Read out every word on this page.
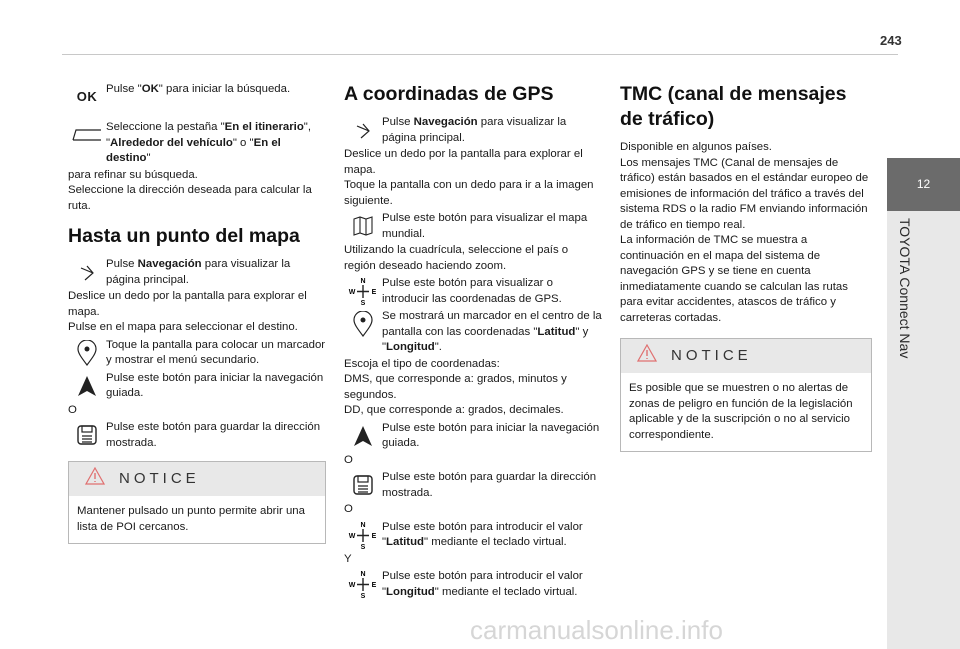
243
12
TOYOTA Connect Nav
OK
Pulse "OK" para iniciar la búsqueda.
Seleccione la pestaña "En el itinerario", "Alrededor del vehículo" o "En el destino"

para refinar su búsqueda.

Seleccione la dirección deseada para calcular la ruta.

Hasta un punto del mapa
Pulse Navegación para visualizar la página principal.

Deslice un dedo por la pantalla para explorar el mapa.

Pulse en el mapa para seleccionar el destino.

Toque la pantalla para colocar un marcador y mostrar el menú secundario.
Pulse este botón para iniciar la navegación guiada.

O

Pulse este botón para guardar la dirección mostrada.
NOTICE
Mantener pulsado un punto permite abrir una lista de POI cercanos.
A coordinadas de GPS
Pulse Navegación para visualizar la página principal.

Deslice un dedo por la pantalla para explorar el mapa.

Toque la pantalla con un dedo para ir a la imagen siguiente.

Pulse este botón para visualizar el mapa mundial.

Utilizando la cuadrícula, seleccione el país o región deseado haciendo zoom.

N
S
W E
Pulse este botón para visualizar o introducir las coordenadas de GPS.
Se mostrará un marcador en el centro de la pantalla con las coordenadas "Latitud" y "Longitud".

Escoja el tipo de coordenadas:

DMS, que corresponde a: grados, minutos y segundos.

DD, que corresponde a: grados, decimales.

Pulse este botón para iniciar la navegación guiada.

O

Pulse este botón para guardar la dirección mostrada.

O

N
S
W E
Pulse este botón para introducir el valor "Latitud" mediante el teclado virtual.

Y

N
S
W E
Pulse este botón para introducir el valor "Longitud" mediante el teclado virtual.
TMC (canal de mensajes de tráfico)

Disponible en algunos países.

Los mensajes TMC (Canal de mensajes de tráfico) están basados en el estándar europeo de emisiones de información del tráfico a través del sistema RDS o la radio FM enviando información de tráfico en tiempo real.

La información de TMC se muestra a continuación en el mapa del sistema de navegación GPS y se tiene en cuenta inmediatamente cuando se calculan las rutas para evitar accidentes, atascos de tráfico y carreteras cortadas.

NOTICE
Es posible que se muestren o no alertas de zonas de peligro en función de la legislación aplicable y de la suscripción o no al servicio correspondiente.
carmanualsonline.info
